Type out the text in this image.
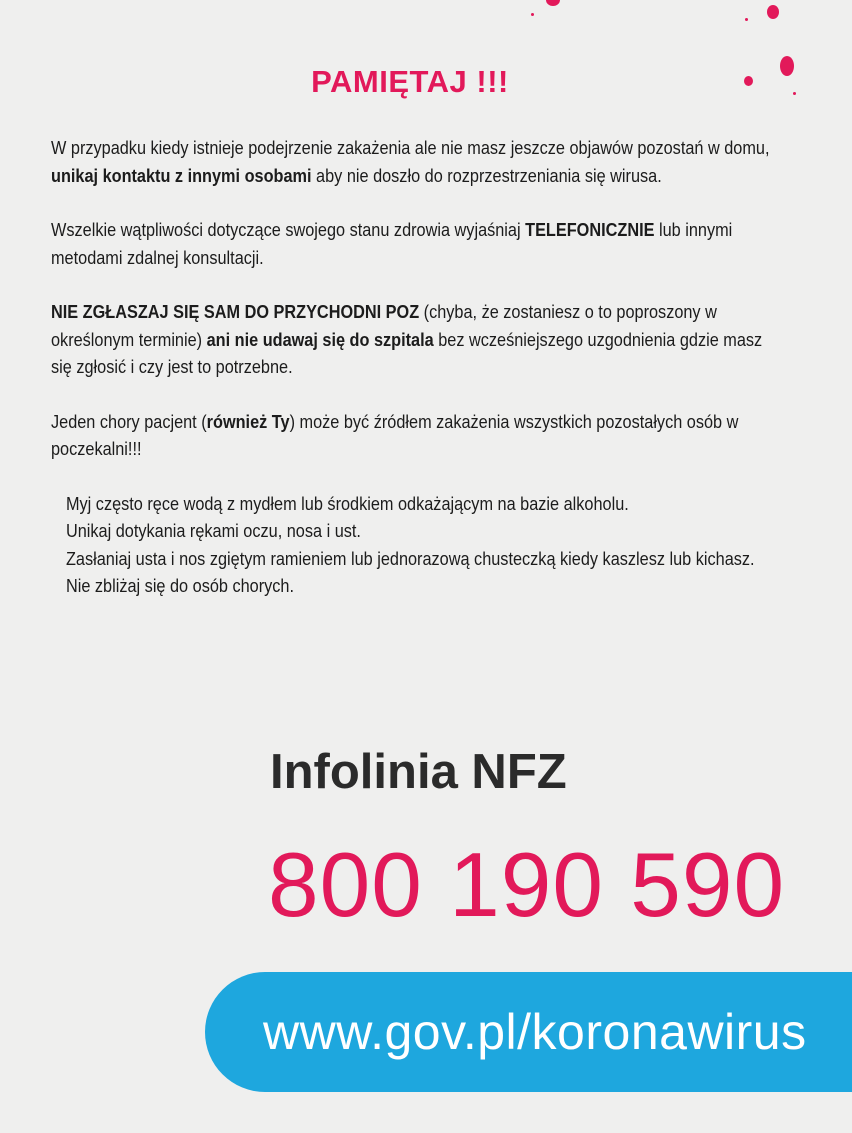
PAMIĘTAJ !!!

W przypadku kiedy istnieje podejrzenie zakażenia ale nie masz jeszcze objawów pozostań w domu, unikaj kontaktu z innymi osobami aby nie doszło do rozprzestrzeniania się wirusa.

Wszelkie wątpliwości dotyczące swojego stanu zdrowia wyjaśniaj TELEFONICZNIE lub innymi metodami zdalnej konsultacji.

NIE ZGŁASZAJ SIĘ SAM DO PRZYCHODNI POZ (chyba, że zostaniesz o to poproszony w określonym terminie) ani nie udawaj się do szpitala bez wcześniejszego uzgodnienia gdzie masz się zgłosić i czy jest to potrzebne.

Jeden chory pacjent (również Ty) może być źródłem zakażenia wszystkich pozostałych osób w poczekalni!!!

Myj często ręce wodą z mydłem lub środkiem odkażającym na bazie alkoholu.
Unikaj dotykania rękami oczu, nosa i ust.
Zasłaniaj usta i nos zgiętym ramieniem lub jednorazową chusteczką kiedy kaszlesz lub kichasz.
Nie zbliżaj się do osób chorych.

Infolinia NFZ

800 190 590

www.gov.pl/koronawirus
